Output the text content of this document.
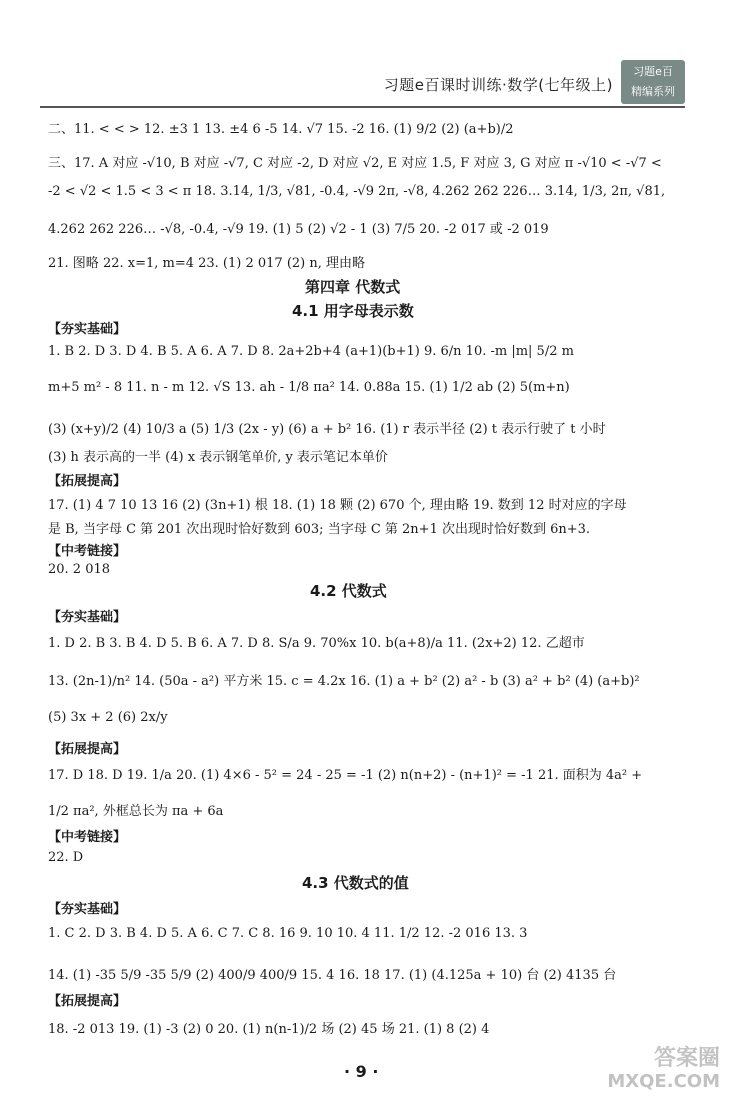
习题e百课时训练·数学(七年级上)
习题e百
精编系列
二、11. < < > 12. ±3 1 13. ±4 6 -5 14. √7 15. -2 16. (1) 9/2 (2) (a+b)/2
三、17. A 对应 -√10, B 对应 -√7, C 对应 -2, D 对应 √2, E 对应 1.5, F 对应 3, G 对应 π -√10 < -√7 <
-2 < √2 < 1.5 < 3 < π 18. 3.14, 1/3, √81, -0.4̇, -√9 2π, -√8, 4.262 262 226… 3.14, 1/3, 2π, √81,
4.262 262 226… -√8, -0.4̇, -√9 19. (1) 5 (2) √2 - 1 (3) 7/5 20. -2 017 或 -2 019
21. 图略 22. x=1, m=4 23. (1) 2 017 (2) n, 理由略
第四章 代数式
4.1 用字母表示数
【夯实基础】
1. B 2. D 3. D 4. B 5. A 6. A 7. D 8. 2a+2b+4 (a+1)(b+1) 9. 6/n 10. -m |m| 5/2 m
m+5 m² - 8 11. n - m 12. √S 13. ah - 1/8 πa² 14. 0.88a 15. (1) 1/2 ab (2) 5(m+n)
(3) (x+y)/2 (4) 10/3 a (5) 1/3 (2x - y) (6) a + b² 16. (1) r 表示半径 (2) t 表示行驶了 t 小时
(3) h 表示高的一半 (4) x 表示钢笔单价, y 表示笔记本单价
【拓展提高】
17. (1) 4 7 10 13 16 (2) (3n+1) 根 18. (1) 18 颗 (2) 670 个, 理由略 19. 数到 12 时对应的字母
是 B, 当字母 C 第 201 次出现时恰好数到 603; 当字母 C 第 2n+1 次出现时恰好数到 6n+3.
【中考链接】
20. 2 018
4.2 代数式
【夯实基础】
1. D 2. B 3. B 4. D 5. B 6. A 7. D 8. S/a 9. 70%x 10. b(a+8)/a 11. (2x+2) 12. 乙超市
13. (2n-1)/n² 14. (50a - a²) 平方米 15. c = 4.2x 16. (1) a + b² (2) a² - b (3) a² + b² (4) (a+b)²
(5) 3x + 2 (6) 2x/y
【拓展提高】
17. D 18. D 19. 1/a 20. (1) 4×6 - 5² = 24 - 25 = -1 (2) n(n+2) - (n+1)² = -1 21. 面积为 4a² +
1/2 πa², 外框总长为 πa + 6a
【中考链接】
22. D
4.3 代数式的值
【夯实基础】
1. C 2. D 3. B 4. D 5. A 6. C 7. C 8. 16 9. 10 10. 4 11. 1/2 12. -2 016 13. 3
14. (1) -35 5/9 -35 5/9 (2) 400/9 400/9 15. 4 16. 18 17. (1) (4.125a + 10) 台 (2) 4135 台
【拓展提高】
18. -2 013 19. (1) -3 (2) 0 20. (1) n(n-1)/2 场 (2) 45 场 21. (1) 8 (2) 4
· 9 ·
答案圈
MXQE.COM
